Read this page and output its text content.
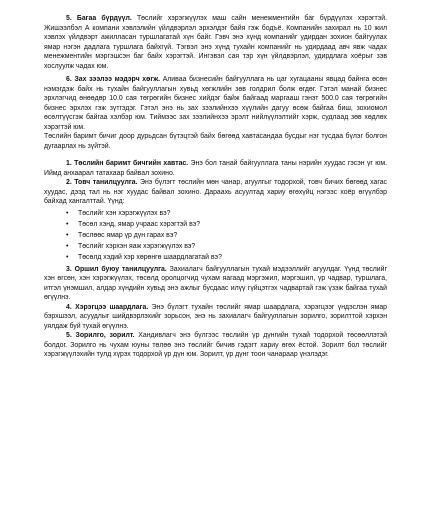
5. Багаа бүрдүүл. Төслийг хэрэгжүүлэх маш сайн менежментийн баг бүрдүүлэх хэрэгтэй. Жишээлбэл А компани хэвлэлийн үйлдвэрлэл эрхэлдэг байя гэж бодъё. Компанийн захирал нь 10 жил хэвлэх үйлдвэрт ажилласан туршлагатай хүн байг. Гэвч энэ хүнд компанийг удирдан зохион байгуулах ямар нэгэн дадлага туршлага байхгүй. Тэгвэл энэ хүнд тухайн компанийг нь удирдаад авч явж чадах менежментийн мэргэшсэн баг байх хэрэгтэй. Ингэвэл сая тэр хүн үйлдвэрлэл, удирдлага хоёрыг зэв хослуулж чадах юм.

6. Зах зээлээ мэдэрч хөгж. Аливаа бизнесийн байгууллага нь цаг хугацааны явцад байнга өсөн нэмэгдэж байх нь тухайн байгууллагын хувьд хөгжлийн зөв голдрил болж өгдөг. Гэтэл манай бизнес эрхлэгчид өнөөдөр 10.0 сая төгрөгийн бизнес хийдэг байж байгаад маргааш гэнэт 500.0 сая төгрөгийн бизнес эрхлэх гэж зүтгэдэг. Гэтэл энэ нь зах зээлийнхээ хүүлийн дагуу өсөж байгаа биш, зохиомол өсөлтүүсгэж байгаа хэлбэр юм. Тиймээс зах зээлийнхээ эрэлт нийлүүлэлтийг хэрж, судлаад зөв хөдлөх хэрэгтэй юм.

Төслийн баримт бичиг доор дурьдсан бүтэцтэй байх бөгөөд хавтасандаа бусдыг нэг тусдаа бүлэг болгон дугаарлах нь зүйтэй.

1. Төслийн баримт бичгийн хавтас. Энэ бол танай байгууллага таны нэрийн хуудас гэсэн үг юм. Иймд анхаарал татахаар байвал зохино.

2. Товч танилцуулга. Энэ бүлэгт төслийн мөн чанар, агуулгыг тодорхой, товч бичих бөгөөд хагас хуудас, дээд тал нь нэг хуудас байвал зохино. Дараахь асуултад хариу өгөхүйц нэгээс хоёр өгүүлбэр байхад хангалттай. Үүнд:

• Төслийг хэн хэрэгжүүлэх вэ?
• Төсөл хэнд, ямар учраас хэрэгтэй вэ?
• Төслөөс ямар үр дүн гарах вэ?
• Төслийг хэрхэн яаж хэрэгжүүлэх вэ?
• Төсөлд хэдий хэр хөрөнгө шаардлагатай вэ?

3. Оршил буюу танилцуулга. Захиалагч байгууллагын тухай мэдээллийг агуулдаг. Үүнд төслийг хэн өгсөн, хэн хэрэгжүүлэх, төсөлд оролцогчид чухам яагаад мэргэжил, мэргэшил, үр чадвар, туршлага, итгэл үнэмшил, алдар хүндийн хувьд энэ ажлыг бусдаас илүү гүйцэтгэх чадвартай гэж үзэж байгаа тухай өгүүлнэ.

4. Хэрэгцээ шаардлага. Энэ бүлэгт тухайн төслийг ямар шаардлага, хэрэгцээг үндэслэн ямар бэрхшээл, асуудлыг шийдвэрлэхийг зорьсон, энэ нь захиалагч байгууллагын зорилго, зорилттой хэрхэн уялдаж буй тухай өгүүлнэ.

5. Зорилго, зорилт. Хандивлагч энэ бүлгээс төслийн үр дүнгийн тухай тодорхой төсөөллэтэй болдог. Зорилго нь чухам юуны төлөө энэ төслийг бичив гэдэгт хариу өгөх ёстой. Зорилт бол төслийг хэрэгжүүлэхийн тулд хүрэх тодорхой үр дүн юм. Зорилт, үр дүнг тоон чанараар үнэлэдэг.
